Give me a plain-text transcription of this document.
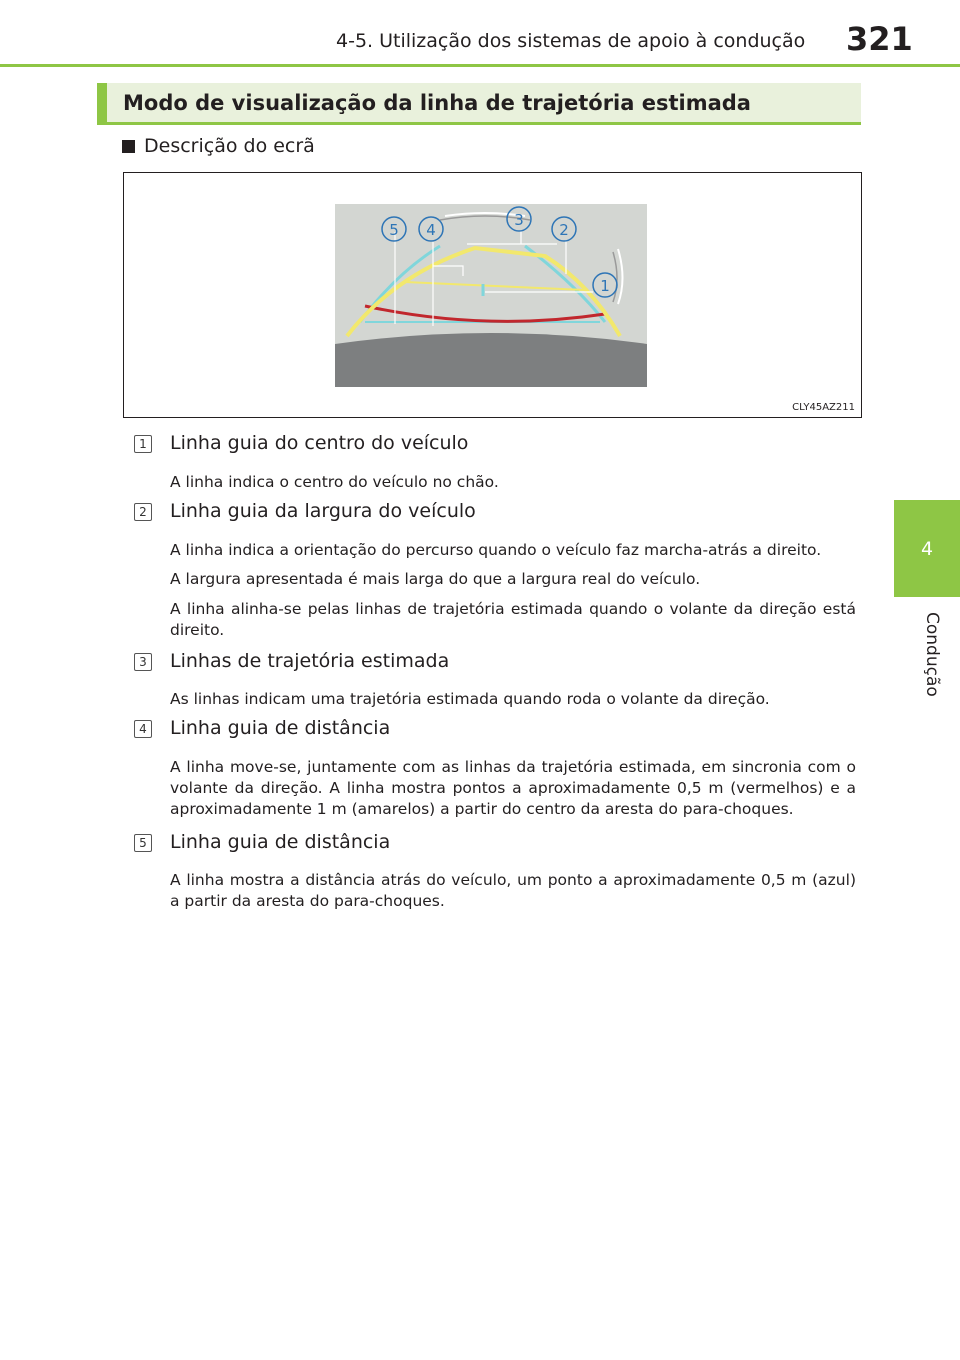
4-5. Utilização dos sistemas de apoio à condução 321
4
Condução
Modo de visualização da linha de trajetória estimada
Descrição do ecrã
1
2
3
4
5
CLY45AZ211
1 Linha guia do centro do veículo
A linha indica o centro do veículo no chão.
2 Linha guia da largura do veículo
A linha indica a orientação do percurso quando o veículo faz marcha-atrás a direito.
A largura apresentada é mais larga do que a largura real do veículo.
A linha alinha-se pelas linhas de trajetória estimada quando o volante da direção está direito.
3 Linhas de trajetória estimada
As linhas indicam uma trajetória estimada quando roda o volante da direção.
4 Linha guia de distância
A linha move-se, juntamente com as linhas da trajetória estimada, em sincronia com o volante da direção. A linha mostra pontos a aproximadamente 0,5 m (vermelhos) e a aproximadamente 1 m (amarelos) a partir do centro da aresta do para-choques.
5 Linha guia de distância
A linha mostra a distância atrás do veículo, um ponto a aproximadamente 0,5 m (azul) a partir da aresta do para-choques.
